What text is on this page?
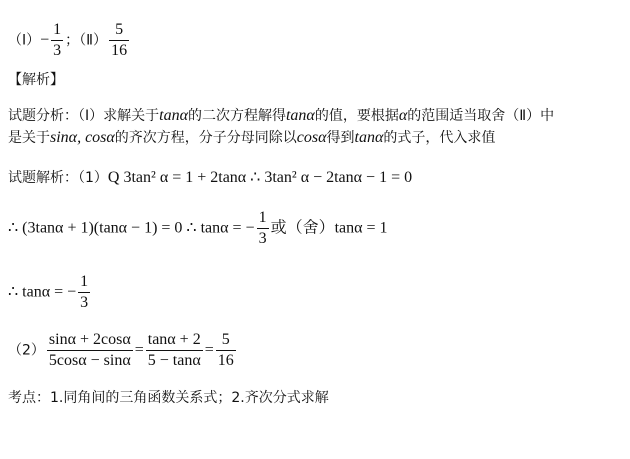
（Ⅰ）− $\frac{1}{3}$ ；（Ⅱ） $\frac{5}{16}$
【解析】
试题分析：（Ⅰ）求解关于tanα的二次方程解得tanα的值，要根据α的范围适当取舍（Ⅱ）中
是关于sinα, cosα的齐次方程，分子分母同除以cosα得到tanα的式子，代入求值
试题解析：（1）Q 3tan² α = 1 + 2tanα ∴ 3tan² α − 2tanα − 1 = 0
∴ (3tanα + 1)(tanα − 1) = 0 ∴ tanα = − $\frac{1}{3}$ 或（舍）tanα = 1
∴ tanα = − $\frac{1}{3}$
$(2) \frac{\sin\alpha + 2\cos\alpha}{5\cos\alpha - \sin\alpha} = \frac{\tan\alpha + 2}{5 - \tan\alpha} = \frac{5}{16}$
考点：1.同角间的三角函数关系式；2.齐次分式求解
